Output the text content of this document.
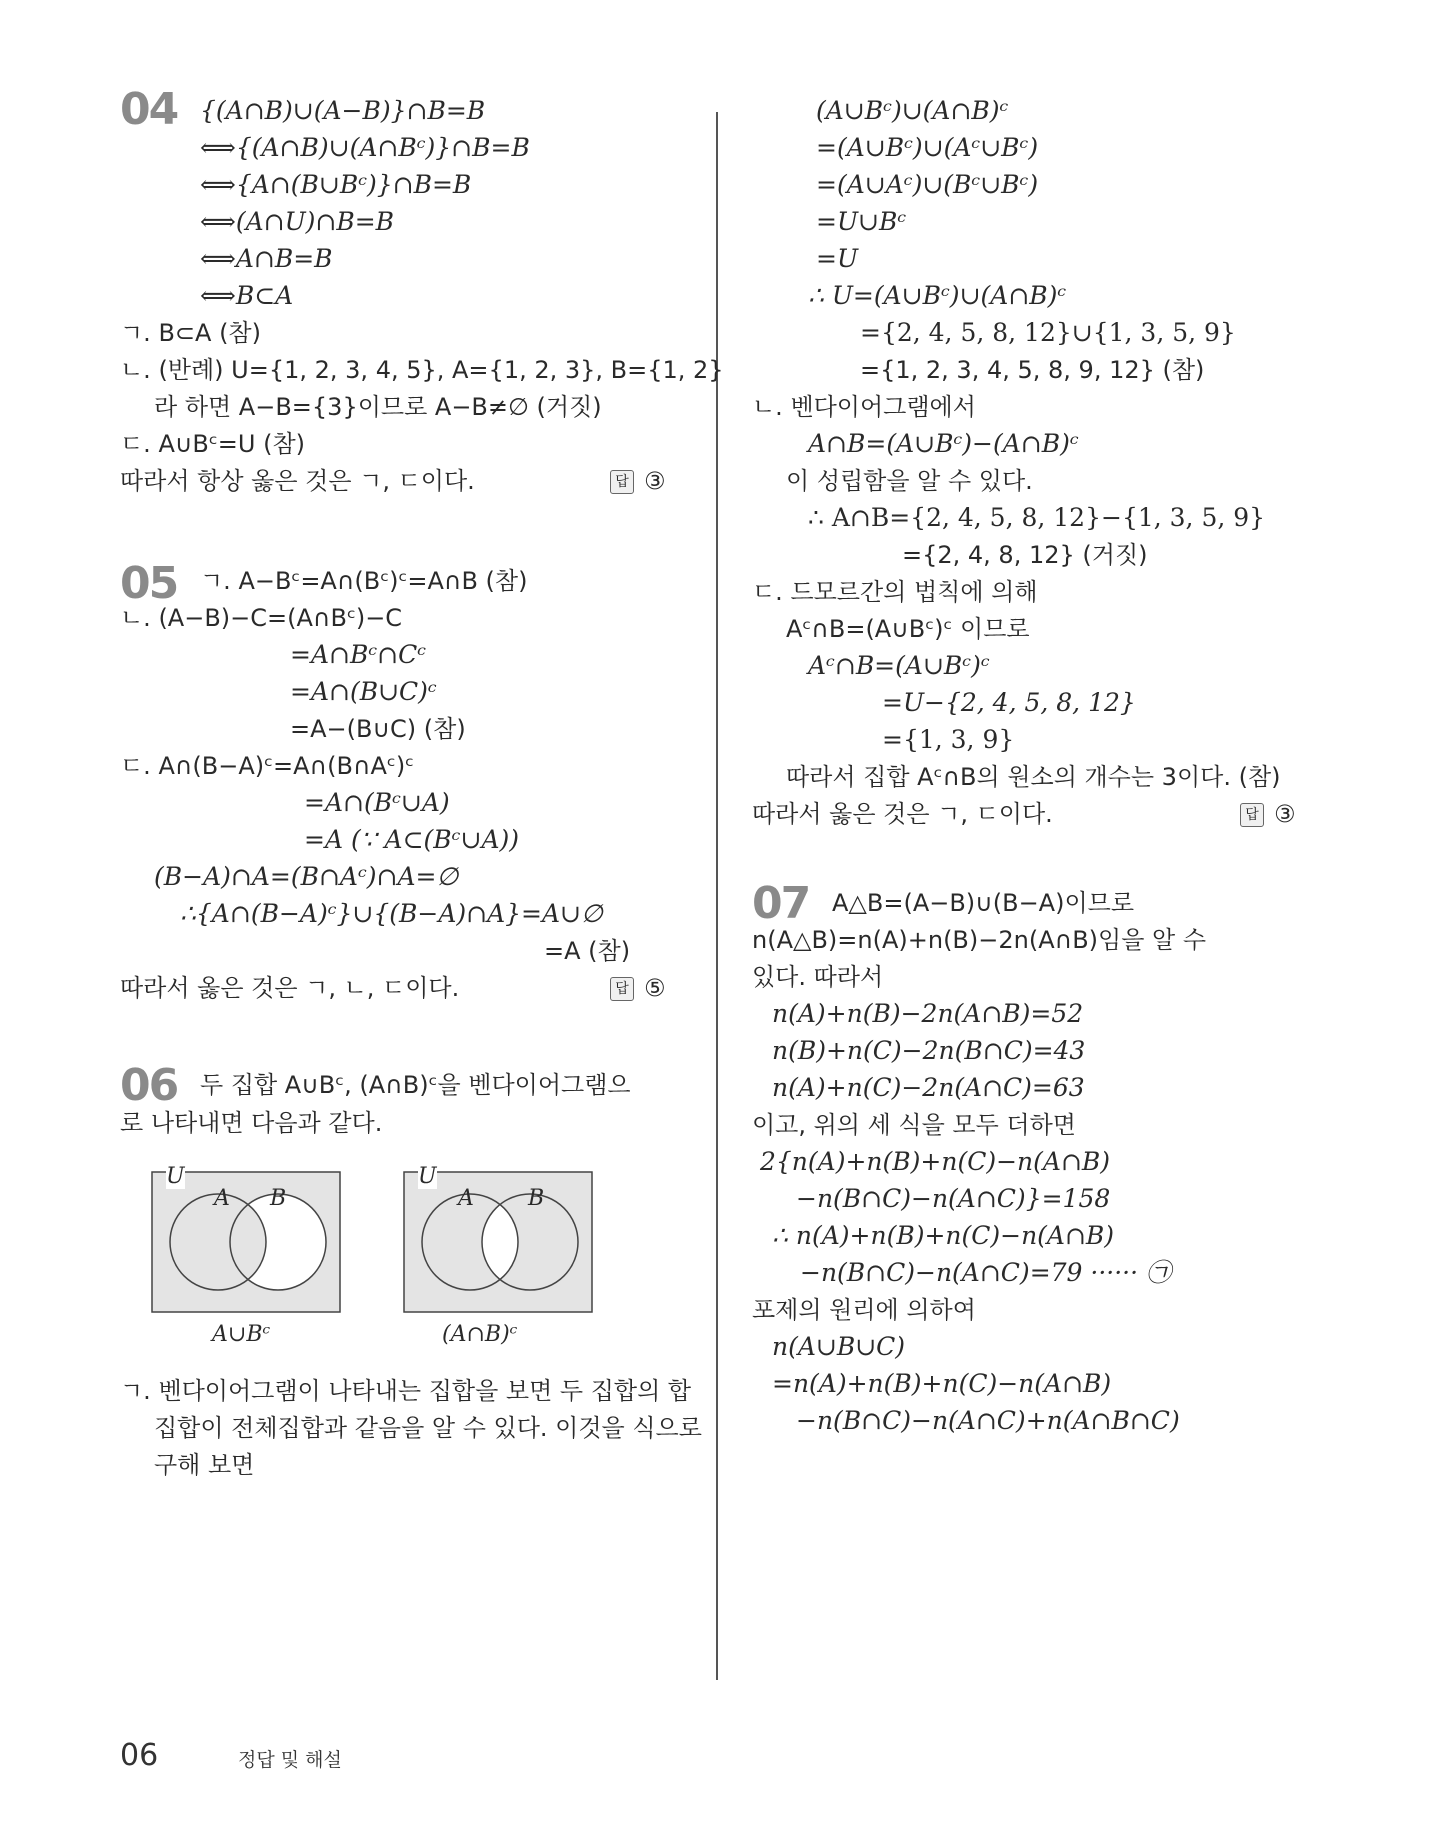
04 {(A∩B)∪(A−B)}∩B=B
⟺{(A∩B)∪(A∩Bᶜ)}∩B=B
⟺{A∩(B∪Bᶜ)}∩B=B
⟺(A∩U)∩B=B
⟺A∩B=B
⟺B⊂A
ㄱ. B⊂A (참)
ㄴ. (반례) U={1, 2, 3, 4, 5}, A={1, 2, 3}, B={1, 2}
라 하면 A−B={3}이므로 A−B≠∅ (거짓)
ㄷ. A∪Bᶜ=U (참)
따라서 항상 옳은 것은 ㄱ, ㄷ이다.	답 ③
05 ㄱ. A−Bᶜ=A∩(Bᶜ)ᶜ=A∩B (참)
ㄴ. (A−B)−C=(A∩Bᶜ)−C
=A∩Bᶜ∩Cᶜ
=A∩(B∪C)ᶜ
=A−(B∪C) (참)
ㄷ. A∩(B−A)ᶜ=A∩(B∩Aᶜ)ᶜ
=A∩(Bᶜ∪A)
=A (∵ A⊂(Bᶜ∪A))
(B−A)∩A=(B∩Aᶜ)∩A=∅
∴{A∩(B−A)ᶜ}∪{(B−A)∩A}=A∪∅
=A (참)
따라서 옳은 것은 ㄱ, ㄴ, ㄷ이다.	답 ⑤
06 두 집합 A∪Bᶜ, (A∩B)ᶜ을 벤다이어그램으
로 나타내면 다음과 같다.
U
A B
A∪Bᶜ
U
A B
(A∩B)ᶜ
ㄱ. 벤다이어그램이 나타내는 집합을 보면 두 집합의 합
집합이 전체집합과 같음을 알 수 있다. 이것을 식으로
구해 보면
(A∪Bᶜ)∪(A∩B)ᶜ
=(A∪Bᶜ)∪(Aᶜ∪Bᶜ)
=(A∪Aᶜ)∪(Bᶜ∪Bᶜ)
=U∪Bᶜ
=U
∴ U=(A∪Bᶜ)∪(A∩B)ᶜ
={2, 4, 5, 8, 12}∪{1, 3, 5, 9}
={1, 2, 3, 4, 5, 8, 9, 12} (참)
ㄴ. 벤다이어그램에서
A∩B=(A∪Bᶜ)−(A∩B)ᶜ
이 성립함을 알 수 있다.
∴ A∩B={2, 4, 5, 8, 12}−{1, 3, 5, 9}
={2, 4, 8, 12} (거짓)
ㄷ. 드모르간의 법칙에 의해
Aᶜ∩B=(A∪Bᶜ)ᶜ 이므로
Aᶜ∩B=(A∪Bᶜ)ᶜ
=U−{2, 4, 5, 8, 12}
={1, 3, 9}
따라서 집합 Aᶜ∩B의 원소의 개수는 3이다. (참)
따라서 옳은 것은 ㄱ, ㄷ이다.	답 ③
07 A△B=(A−B)∪(B−A)이므로
n(A△B)=n(A)+n(B)−2n(A∩B)임을 알 수
있다. 따라서
n(A)+n(B)−2n(A∩B)=52
n(B)+n(C)−2n(B∩C)=43
n(A)+n(C)−2n(A∩C)=63
이고, 위의 세 식을 모두 더하면
2{n(A)+n(B)+n(C)−n(A∩B)
−n(B∩C)−n(A∩C)}=158
∴ n(A)+n(B)+n(C)−n(A∩B)
−n(B∩C)−n(A∩C)=79 ······ ㉠
포제의 원리에 의하여
n(A∪B∪C)
=n(A)+n(B)+n(C)−n(A∩B)
−n(B∩C)−n(A∩C)+n(A∩B∩C)
06	정답 및 해설
